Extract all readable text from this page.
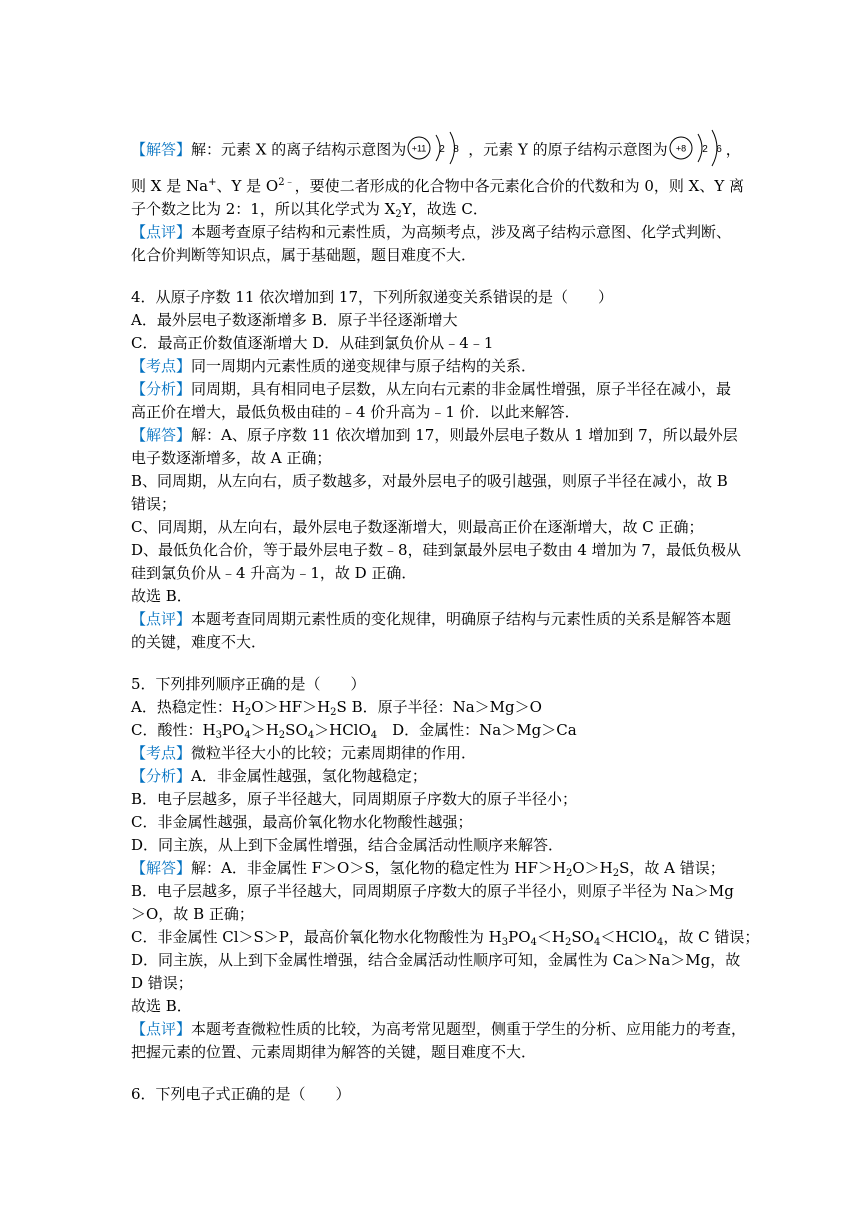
【解答】解：元素 X 的离子结构示意图为 +11 2 8 ，元素 Y 的原子结构示意图为 +8 2 6 ，
则 X 是 Na+、Y 是 $O^{2﹣}$，要使二者形成的化合物中各元素化合价的代数和为 0，则 X、Y 离
子个数之比为 2：1，所以其化学式为 $X_2Y$，故选 C．
【点评】本题考查原子结构和元素性质，为高频考点，涉及离子结构示意图、化学式判断、
化合价判断等知识点，属于基础题，题目难度不大．
4．从原子序数 11 依次增加到 17，下列所叙递变关系错误的是（　　）
A．最外层电子数逐渐增多 B．原子半径逐渐增大
C．最高正价数值逐渐增大 D．从硅到氯负价从﹣4﹣1
【考点】同一周期内元素性质的递变规律与原子结构的关系．
【分析】同周期，具有相同电子层数，从左向右元素的非金属性增强，原子半径在减小，最
高正价在增大，最低负极由硅的﹣4 价升高为﹣1 价．以此来解答．
【解答】解：A、原子序数 11 依次增加到 17，则最外层电子数从 1 增加到 7，所以最外层
电子数逐渐增多，故 A 正确；
B、同周期，从左向右，质子数越多，对最外层电子的吸引越强，则原子半径在减小，故 B
错误；
C、同周期，从左向右，最外层电子数逐渐增大，则最高正价在逐渐增大，故 C 正确；
D、最低负化合价，等于最外层电子数﹣8，硅到氯最外层电子数由 4 增加为 7，最低负极从
硅到氯负价从﹣4 升高为﹣1，故 D 正确．
故选 B．
【点评】本题考查同周期元素性质的变化规律，明确原子结构与元素性质的关系是解答本题
的关键，难度不大．
5．下列排列顺序正确的是（　　）
A．热稳定性：$H_2O>HF>H_2S$ B．原子半径：Na＞Mg＞O
C．酸性：$H_3PO_4>H_2SO_4>HClO_4$　D．金属性：Na＞Mg＞Ca
【考点】微粒半径大小的比较；元素周期律的作用．
【分析】A．非金属性越强，氢化物越稳定；
B．电子层越多，原子半径越大，同周期原子序数大的原子半径小；
C．非金属性越强，最高价氧化物水化物酸性越强；
D．同主族，从上到下金属性增强，结合金属活动性顺序来解答．
【解答】解：A．非金属性 F＞O＞S，氢化物的稳定性为 $HF>H_2O>H_2S$，故 A 错误；
B．电子层越多，原子半径越大，同周期原子序数大的原子半径小，则原子半径为 Na＞Mg
＞O，故 B 正确；
C．非金属性 Cl＞S＞P，最高价氧化物水化物酸性为 $H_3PO_4<H_2SO_4<HClO_4$，故 C 错误；
D．同主族，从上到下金属性增强，结合金属活动性顺序可知，金属性为 Ca＞Na＞Mg，故
D 错误；
故选 B．
【点评】本题考查微粒性质的比较，为高考常见题型，侧重于学生的分析、应用能力的考查，
把握元素的位置、元素周期律为解答的关键，题目难度不大．
6．下列电子式正确的是（　　）
